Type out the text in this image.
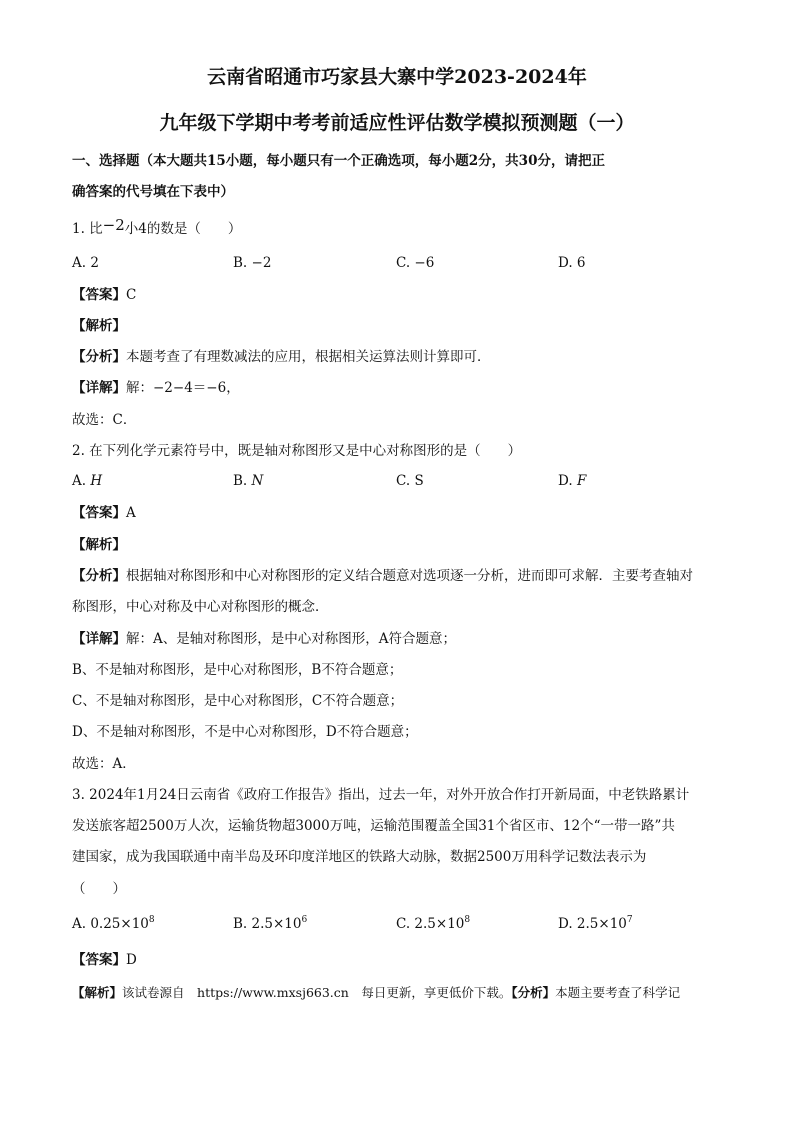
云南省昭通市巧家县大寨中学2023-2024年
九年级下学期中考考前适应性评估数学模拟预测题（一）
一、选择题（本大题共15小题，每小题只有一个正确选项，每小题2分，共30分，请把正
确答案的代号填在下表中）
1. 比−2小4的数是（　　）
A. 2	B. −2	C. −6	D. 6
【答案】C
【解析】
【分析】本题考查了有理数减法的应用，根据相关运算法则计算即可．
【详解】解：−2−4＝−6，
故选：C．
2. 在下列化学元素符号中，既是轴对称图形又是中心对称图形的是（　　）
A. H	B. N	C. S	D. F
【答案】A
【解析】
【分析】根据轴对称图形和中心对称图形的定义结合题意对选项逐一分析，进而即可求解．主要考查轴对
称图形，中心对称及中心对称图形的概念．
【详解】解：A、是轴对称图形，是中心对称图形，A符合题意；
B、不是轴对称图形，是中心对称图形，B不符合题意；
C、不是轴对称图形，是中心对称图形，C不符合题意；
D、不是轴对称图形，不是中心对称图形，D不符合题意；
故选：A．
3. 2024年1月24日云南省《政府工作报告》指出，过去一年，对外开放合作打开新局面，中老铁路累计
发送旅客超2500万人次，运输货物超3000万吨，运输范围覆盖全国31个省区市、12个“一带一路”共
建国家，成为我国联通中南半岛及环印度洋地区的铁路大动脉，数据2500万用科学记数法表示为
（　　）
A. $0.25\times 10^8$	B. $2.5\times 10^6$	C. $2.5\times 10^8$	D. $2.5\times 10^7$
【答案】D
【解析】该试卷源自　https://www.mxsj663.cn　每日更新，享更低价下载。【分析】本题主要考查了科学记
